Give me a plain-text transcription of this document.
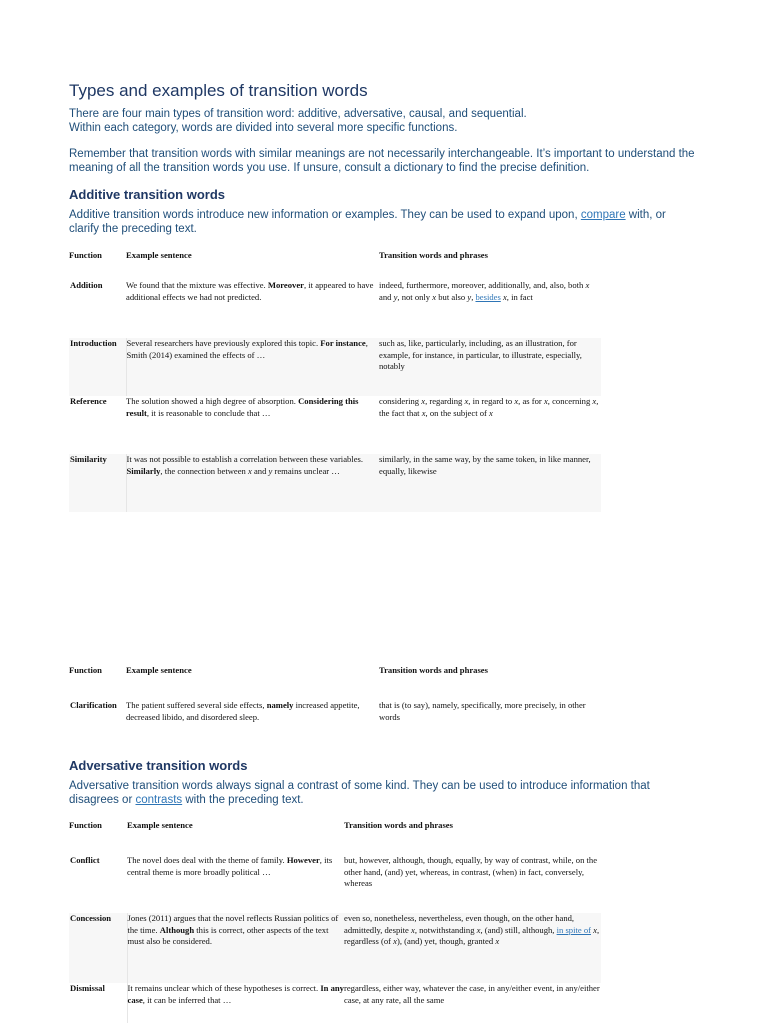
Types and examples of transition words

There are four main types of transition word: additive, adversative, causal, and sequential.
Within each category, words are divided into several more specific functions.

Remember that transition words with similar meanings are not necessarily interchangeable. It’s important to understand the meaning of all the transition words you use. If unsure, consult a dictionary to find the precise definition.

Additive transition words

Additive transition words introduce new information or examples. They can be used to expand upon, compare with, or clarify the preceding text.

Function	Example sentence	Transition words and phrases
Addition	We found that the mixture was effective. Moreover, it appeared to have additional effects we had not predicted.	indeed, furthermore, moreover, additionally, and, also, both x and y, not only x but also y, besides x, in fact
Introduction	Several researchers have previously explored this topic. For instance, Smith (2014) examined the effects of …	such as, like, particularly, including, as an illustration, for example, for instance, in particular, to illustrate, especially, notably
Reference	The solution showed a high degree of absorption. Considering this result, it is reasonable to conclude that …	considering x, regarding x, in regard to x, as for x, concerning x, the fact that x, on the subject of x
Similarity	It was not possible to establish a correlation between these variables. Similarly, the connection between x and y remains unclear …	similarly, in the same way, by the same token, in like manner, equally, likewise
Function	Example sentence	Transition words and phrases
Clarification	The patient suffered several side effects, namely increased appetite, decreased libido, and disordered sleep.	that is (to say), namely, specifically, more precisely, in other words
Adversative transition words

Adversative transition words always signal a contrast of some kind. They can be used to introduce information that disagrees or contrasts with the preceding text.

Function	Example sentence	Transition words and phrases
Conflict	The novel does deal with the theme of family. However, its central theme is more broadly political …	but, however, although, though, equally, by way of contrast, while, on the other hand, (and) yet, whereas, in contrast, (when) in fact, conversely, whereas
Concession	Jones (2011) argues that the novel reflects Russian politics of the time. Although this is correct, other aspects of the text must also be considered.	even so, nonetheless, nevertheless, even though, on the other hand, admittedly, despite x, notwithstanding x, (and) still, although, in spite of x, regardless (of x), (and) yet, though, granted x
Dismissal	It remains unclear which of these hypotheses is correct. In any case, it can be inferred that …	regardless, either way, whatever the case, in any/either event, in any/either case, at any rate, all the same
